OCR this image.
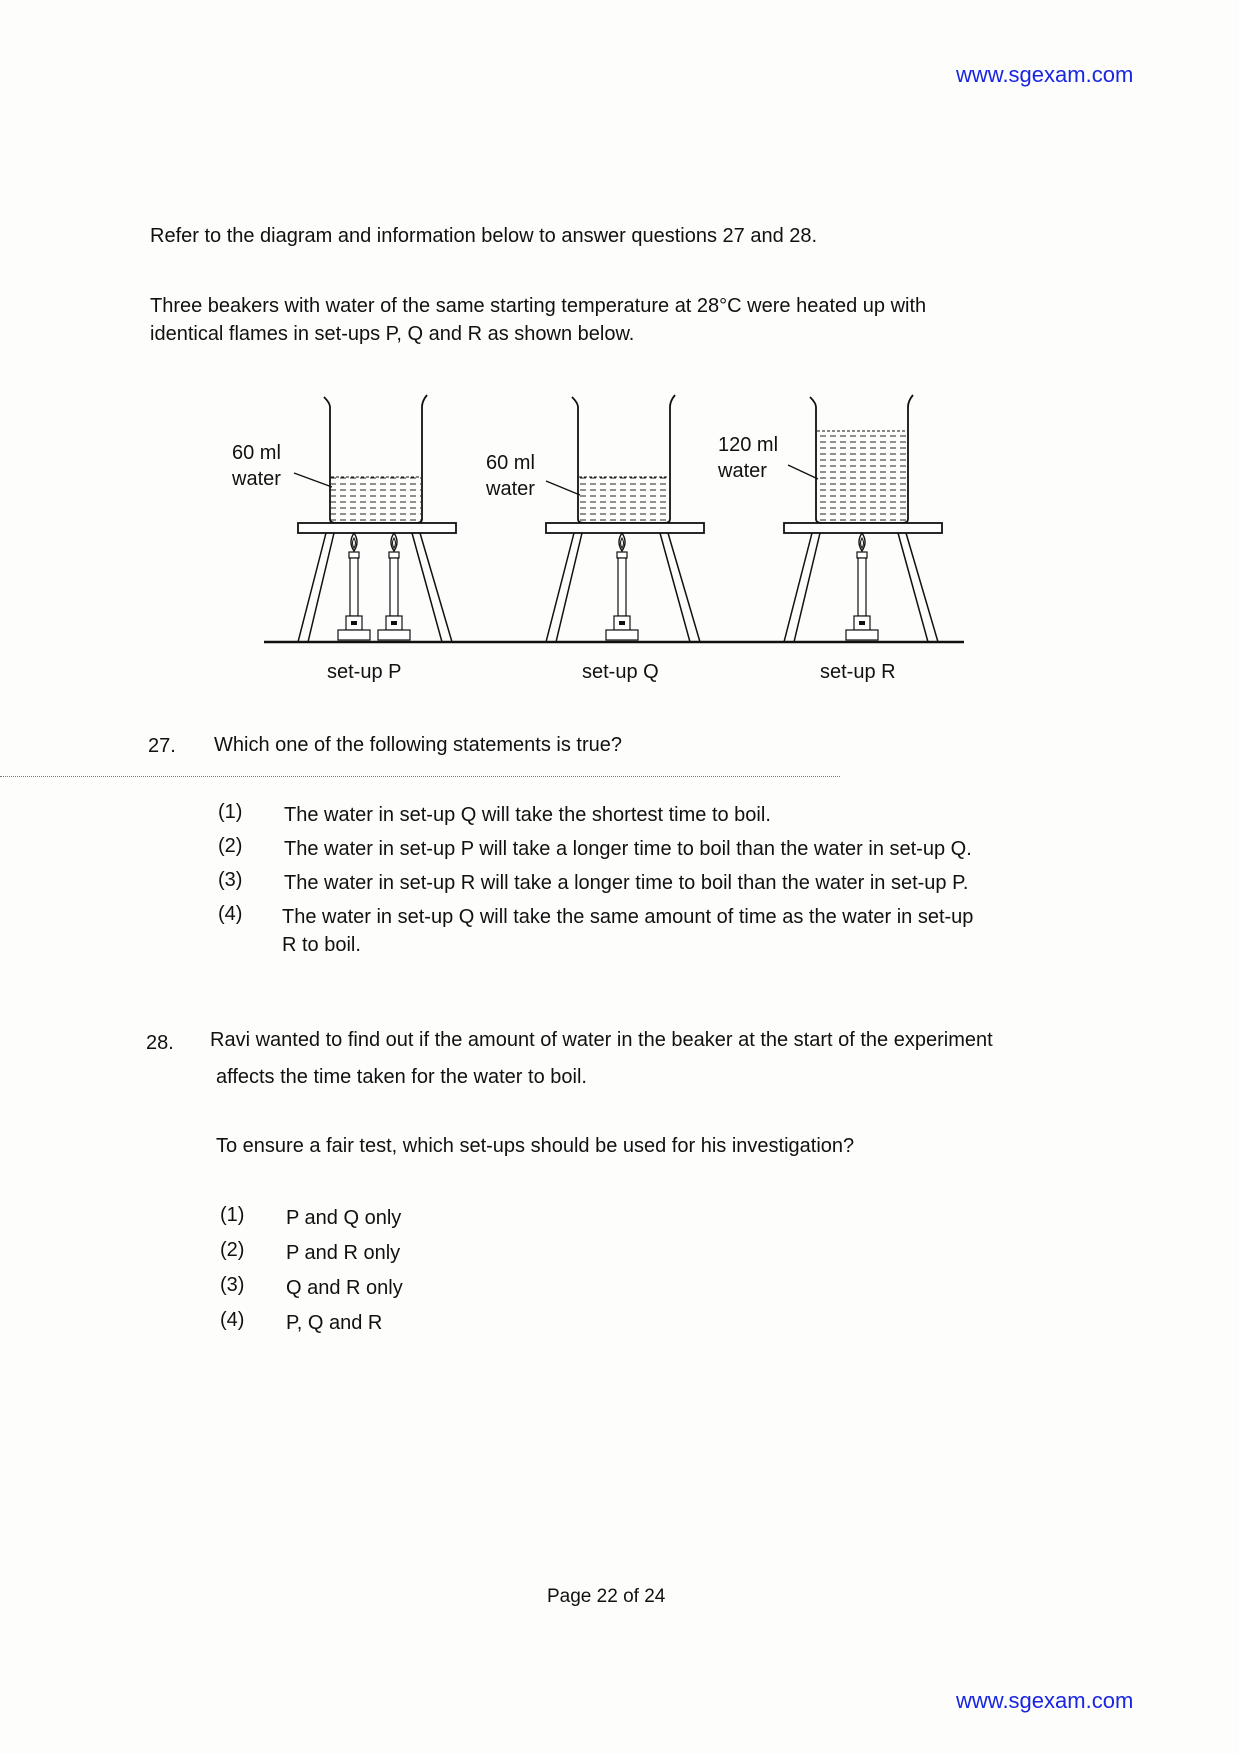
www.sgexam.com
Refer to the diagram and information below to answer questions 27 and 28.
Three beakers with water of the same starting temperature at 28°C were heated up with
identical flames in set-ups P, Q and R as shown below.
60 ml
water
set-up P
60 ml
water
set-up Q
120 ml
water
set-up R
27. Which one of the following statements is true?
(1)	The water in set-up Q will take the shortest time to boil.
(2)	The water in set-up P will take a longer time to boil than the water in set-up Q.
(3)	The water in set-up R will take a longer time to boil than the water in set-up P.
(4)	The water in set-up Q will take the same amount of time as the water in set-up
R to boil.
28. Ravi wanted to find out if the amount of water in the beaker at the start of the experiment
affects the time taken for the water to boil.
To ensure a fair test, which set-ups should be used for his investigation?
(1)	P and Q only
(2)	P and R only
(3)	Q and R only
(4)	P, Q and R
Page 22 of 24
www.sgexam.com
